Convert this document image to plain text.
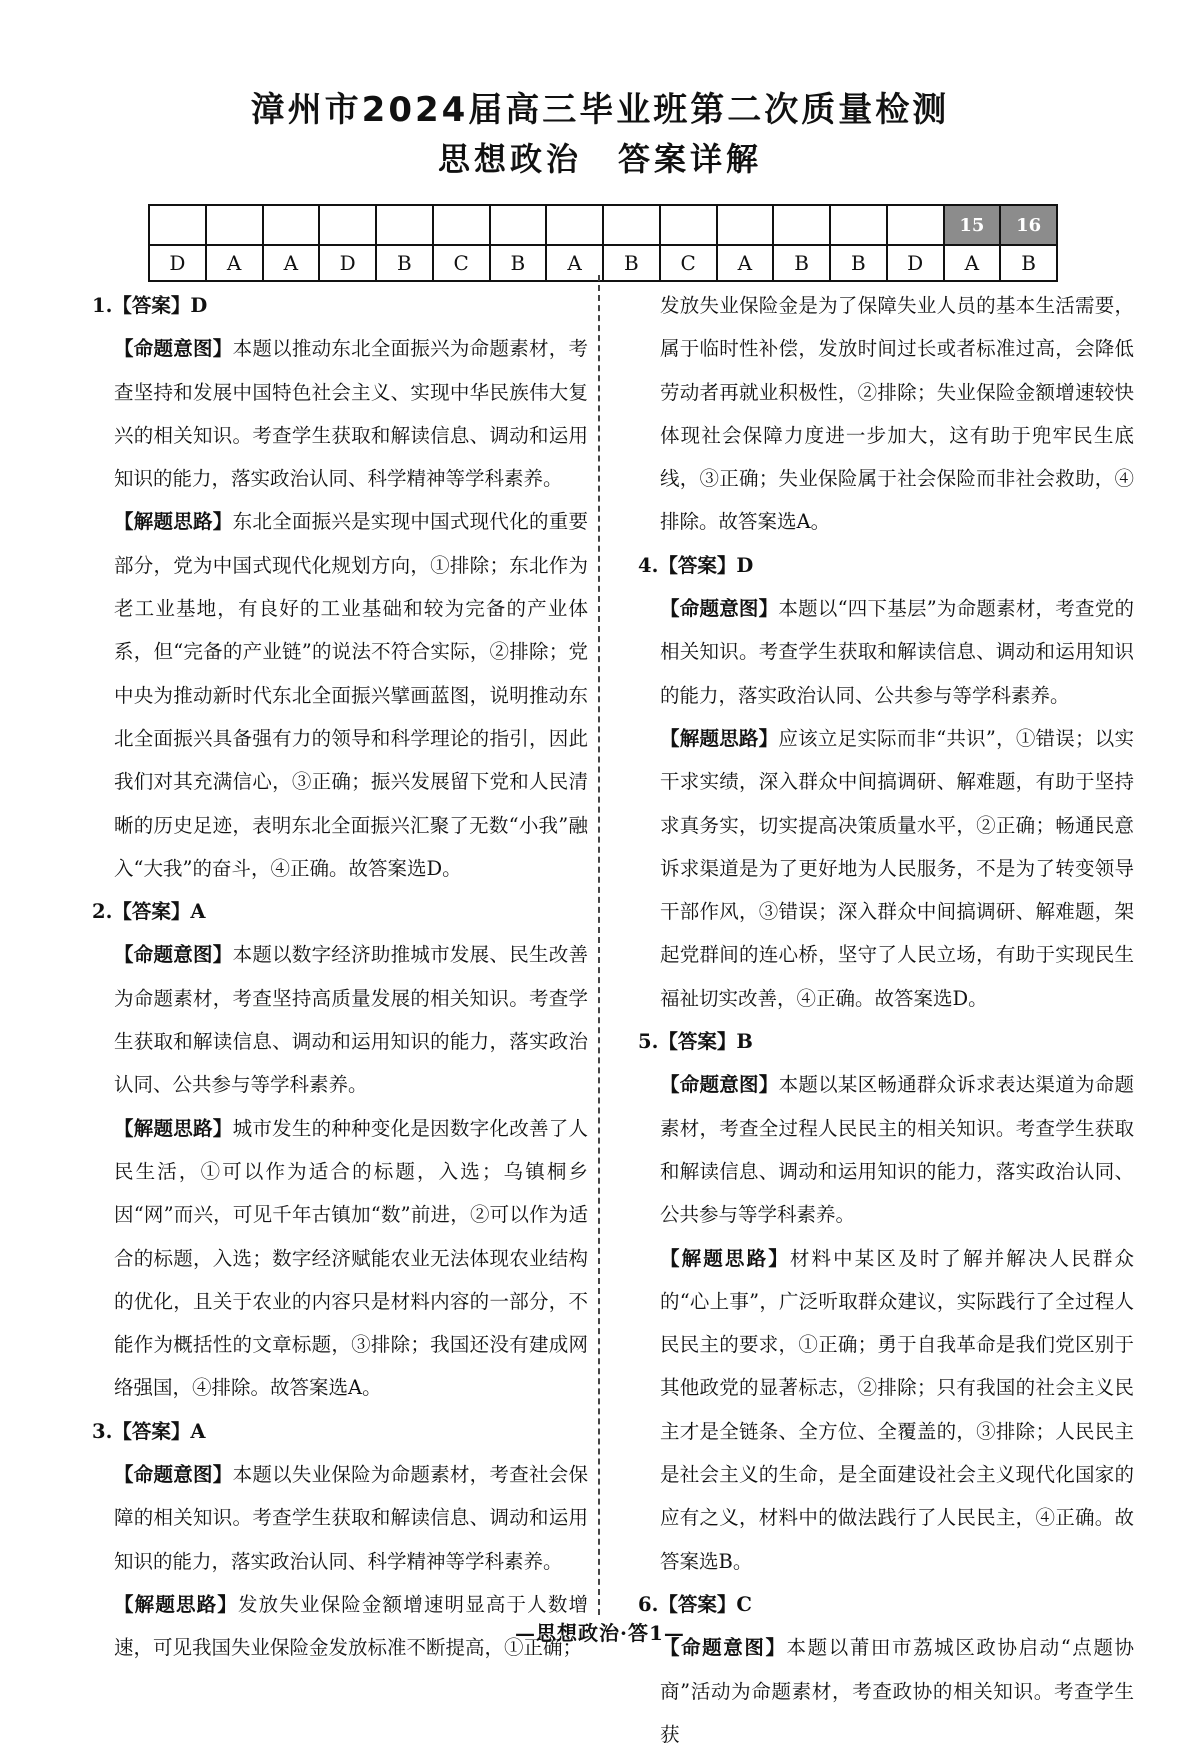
漳州市2024届高三毕业班第二次质量检测
思想政治　答案详解
														15	16
D	A	A	D	B	C	B	A	B	C	A	B	B	D	A	B

1.【答案】D

【命题意图】本题以推动东北全面振兴为命题素材，考查坚持和发展中国特色社会主义、实现中华民族伟大复兴的相关知识。考查学生获取和解读信息、调动和运用知识的能力，落实政治认同、科学精神等学科素养。

【解题思路】东北全面振兴是实现中国式现代化的重要部分，党为中国式现代化规划方向，①排除；东北作为老工业基地，有良好的工业基础和较为完备的产业体系，但“完备的产业链”的说法不符合实际，②排除；党中央为推动新时代东北全面振兴擘画蓝图，说明推动东北全面振兴具备强有力的领导和科学理论的指引，因此我们对其充满信心，③正确；振兴发展留下党和人民清晰的历史足迹，表明东北全面振兴汇聚了无数“小我”融入“大我”的奋斗，④正确。故答案选D。

2.【答案】A

【命题意图】本题以数字经济助推城市发展、民生改善为命题素材，考查坚持高质量发展的相关知识。考查学生获取和解读信息、调动和运用知识的能力，落实政治认同、公共参与等学科素养。

【解题思路】城市发生的种种变化是因数字化改善了人民生活，①可以作为适合的标题，入选；乌镇桐乡因“网”而兴，可见千年古镇加“数”前进，②可以作为适合的标题，入选；数字经济赋能农业无法体现农业结构的优化，且关于农业的内容只是材料内容的一部分，不能作为概括性的文章标题，③排除；我国还没有建成网络强国，④排除。故答案选A。

3.【答案】A

【命题意图】本题以失业保险为命题素材，考查社会保障的相关知识。考查学生获取和解读信息、调动和运用知识的能力，落实政治认同、科学精神等学科素养。

【解题思路】发放失业保险金额增速明显高于人数增速，可见我国失业保险金发放标准不断提高，①正确；

发放失业保险金是为了保障失业人员的基本生活需要，属于临时性补偿，发放时间过长或者标准过高，会降低劳动者再就业积极性，②排除；失业保险金额增速较快体现社会保障力度进一步加大，这有助于兜牢民生底线，③正确；失业保险属于社会保险而非社会救助，④排除。故答案选A。

4.【答案】D

【命题意图】本题以“四下基层”为命题素材，考查党的相关知识。考查学生获取和解读信息、调动和运用知识的能力，落实政治认同、公共参与等学科素养。

【解题思路】应该立足实际而非“共识”，①错误；以实干求实绩，深入群众中间搞调研、解难题，有助于坚持求真务实，切实提高决策质量水平，②正确；畅通民意诉求渠道是为了更好地为人民服务，不是为了转变领导干部作风，③错误；深入群众中间搞调研、解难题，架起党群间的连心桥，坚守了人民立场，有助于实现民生福祉切实改善，④正确。故答案选D。

5.【答案】B

【命题意图】本题以某区畅通群众诉求表达渠道为命题素材，考查全过程人民民主的相关知识。考查学生获取和解读信息、调动和运用知识的能力，落实政治认同、公共参与等学科素养。

【解题思路】材料中某区及时了解并解决人民群众的“心上事”，广泛听取群众建议，实际践行了全过程人民民主的要求，①正确；勇于自我革命是我们党区别于其他政党的显著标志，②排除；只有我国的社会主义民主才是全链条、全方位、全覆盖的，③排除；人民民主是社会主义的生命，是全面建设社会主义现代化国家的应有之义，材料中的做法践行了人民民主，④正确。故答案选B。

6.【答案】C

【命题意图】本题以莆田市荔城区政协启动“点题协商”活动为命题素材，考查政协的相关知识。考查学生获

—思想政治·答1—
